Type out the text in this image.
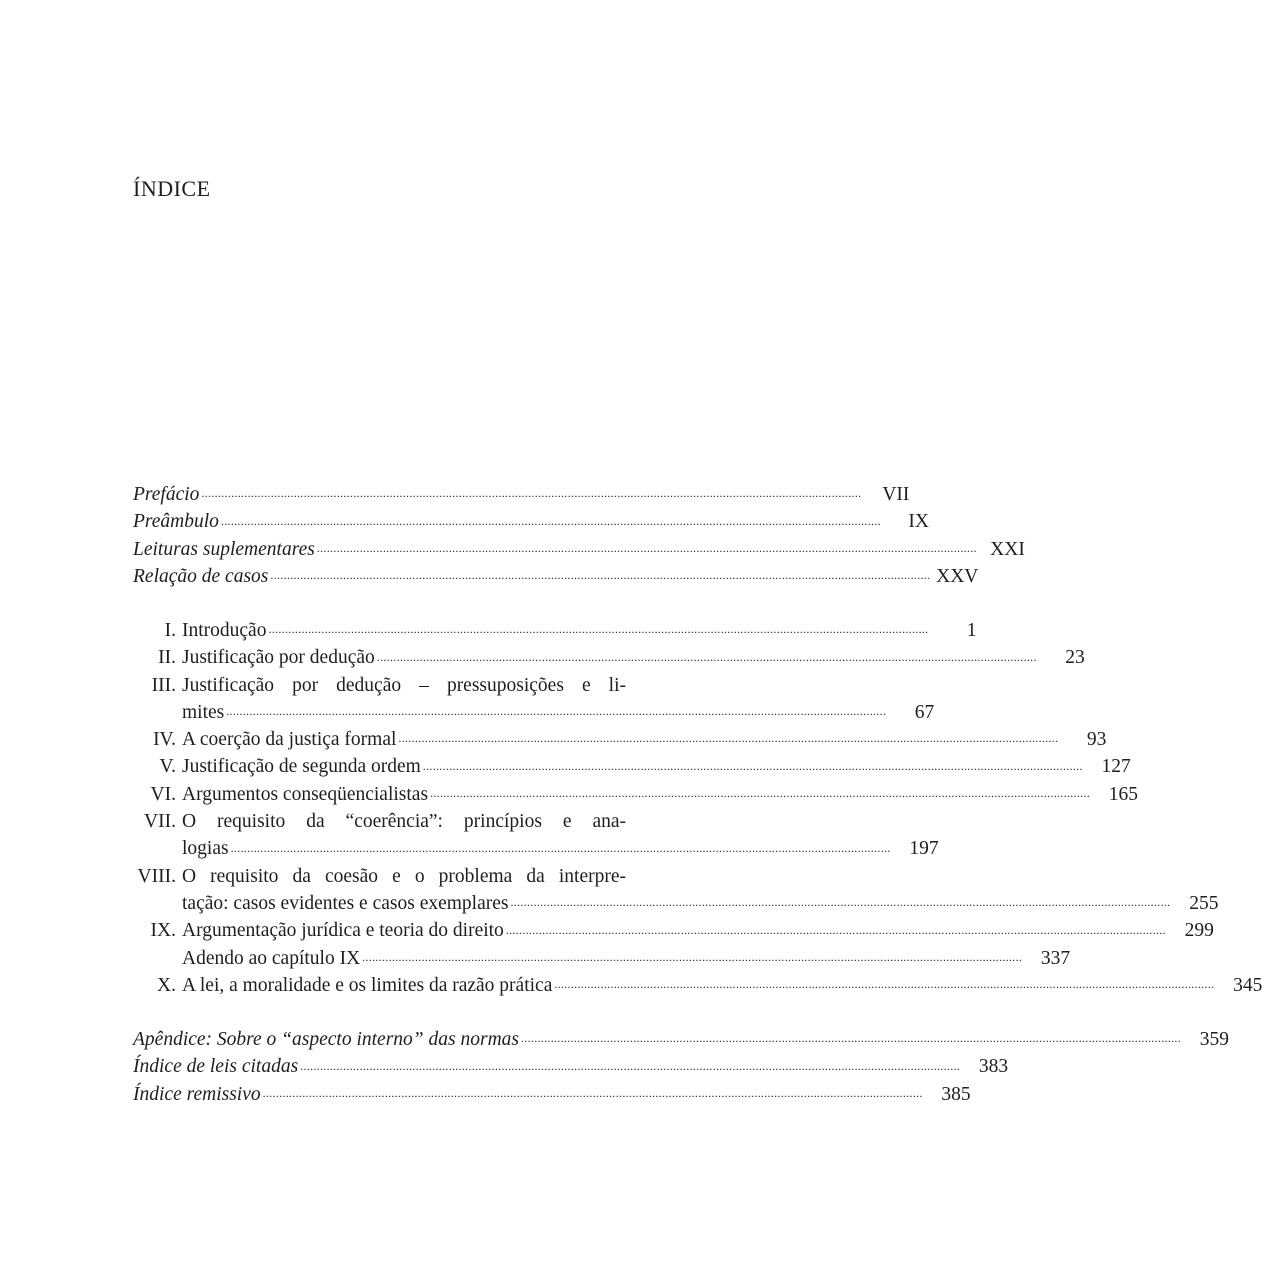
ÍNDICE
Prefácio ........................................................................................................................................................................................................	VII
Preâmbulo ........................................................................................................................................................................................................	IX
Leituras suplementares ........................................................................................................................................................................................................ XXI
Relação de casos ........................................................................................................................................................................................................ XXV
I. Introdução ........................................................................................................................................................................................................	1
II. Justificação por dedução ........................................................................................................................................................................................................	23
III. Justificação por dedução – pressuposições e li-
mites ........................................................................................................................................................................................................	67
IV. A coerção da justiça formal ........................................................................................................................................................................................................	93
V. Justificação de segunda ordem ........................................................................................................................................................................................................ 127
VI. Argumentos conseqüencialistas ........................................................................................................................................................................................................ 165
VII. O requisito da “coerência”: princípios e ana-
logias ........................................................................................................................................................................................................ 197
VIII. O requisito da coesão e o problema da interpre-
tação: casos evidentes e casos exemplares ........................................................................................................................................................................................................ 255
IX. Argumentação jurídica e teoria do direito ........................................................................................................................................................................................................ 299
Adendo ao capítulo IX ........................................................................................................................................................................................................ 337
X. A lei, a moralidade e os limites da razão prática ........................................................................................................................................................................................................ 345
Apêndice: Sobre o “aspecto interno” das normas ........................................................................................................................................................................................................ 359
Índice de leis citadas ........................................................................................................................................................................................................ 383
Índice remissivo ........................................................................................................................................................................................................ 385
